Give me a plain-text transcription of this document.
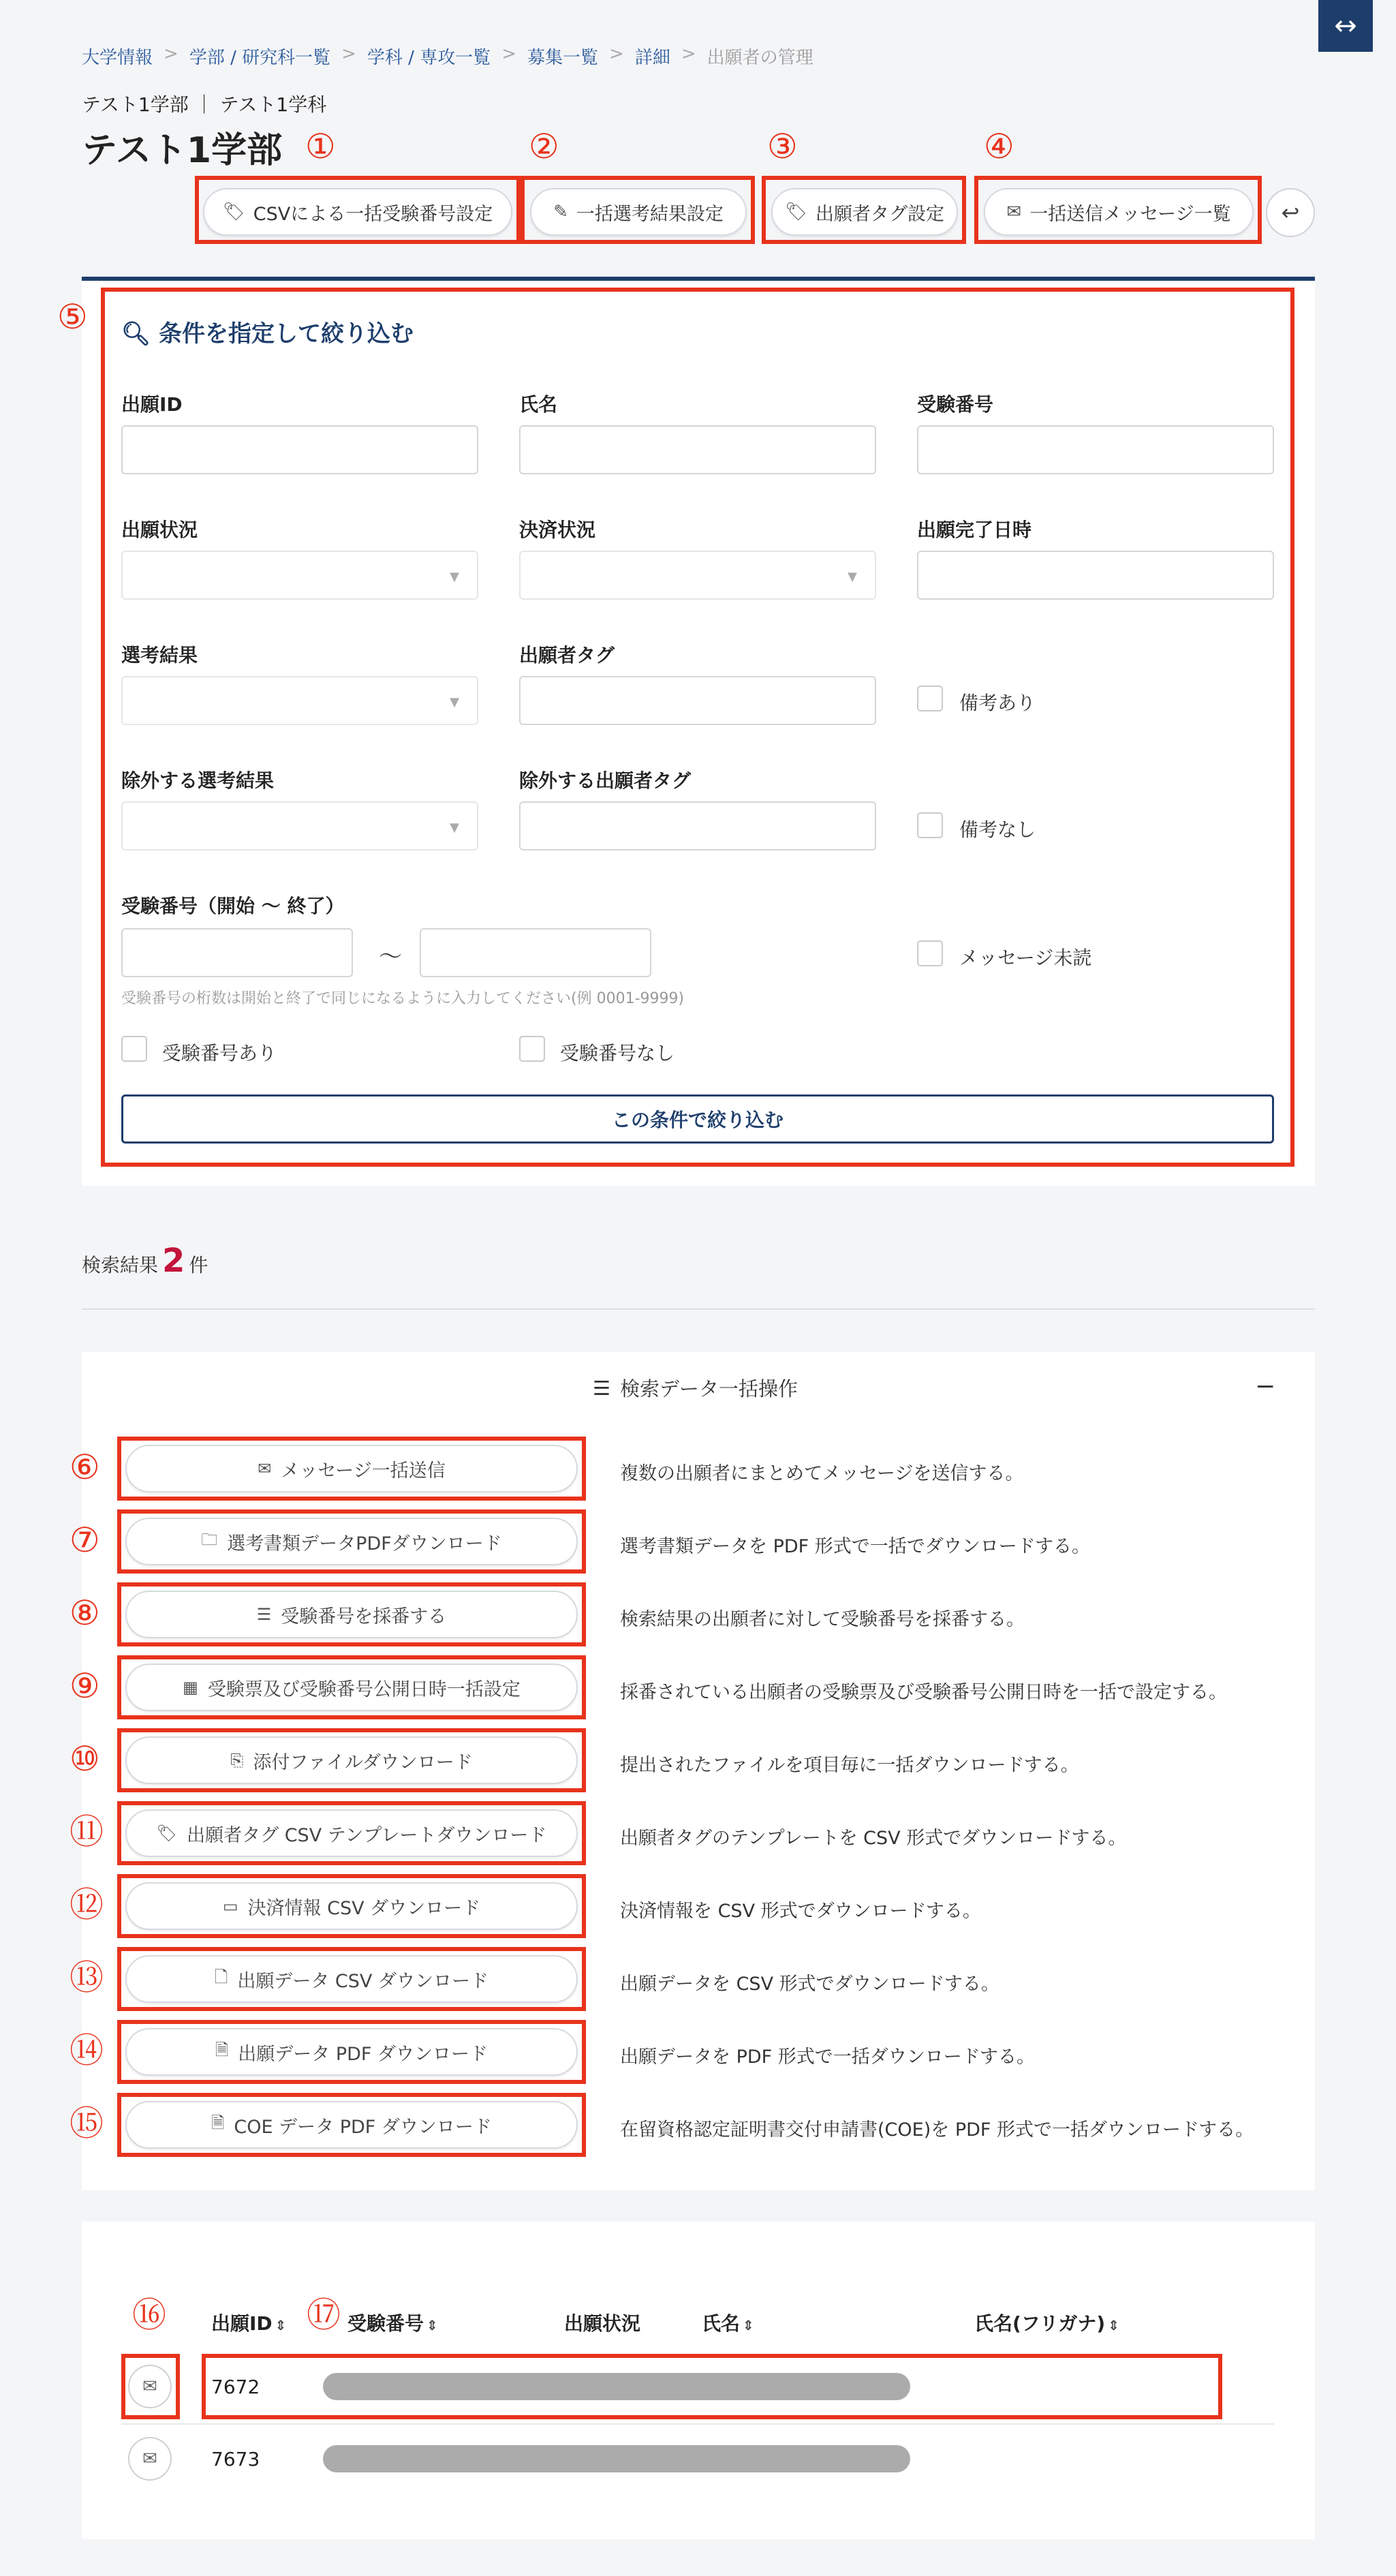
↔
大学情報 > 学部 / 研究科一覧 > 学科 / 専攻一覧 > 募集一覧 > 詳細 > 出願者の管理
テスト1学部 ｜ テスト1学科
テスト1学部 ①	②	③	④
🏷 CSVによる一括受験番号設定	✎ 一括選考結果設定	🏷 出願者タグ設定	✉ 一括送信メッセージ一覧 ↩
⑤ 🔍︎ 条件を指定して絞り込む
出願ID	氏名	受験番号
出願状況
▼
決済状況
▼
出願完了日時
選考結果
▼
出願者タグ
備考あり
除外する選考結果
▼
除外する出願者タグ
備考なし
受験番号（開始 〜 終了）
〜	メッセージ未読
受験番号の桁数は開始と終了で同じになるように入力してください(例 0001-9999)
受験番号あり	受験番号なし
この条件で絞り込む
検索結果 2 件
☰ 検索データ一括操作	−
✉ メッセージ一括送信
⑥	複数の出願者にまとめてメッセージを送信する。
🗀 選考書類データPDFダウンロード
⑦	選考書類データを PDF 形式で一括でダウンロードする。
☰ 受験番号を採番する
⑧	検索結果の出願者に対して受験番号を採番する。
▦ 受験票及び受験番号公開日時一括設定
⑨	採番されている出願者の受験票及び受験番号公開日時を一括で設定する。
⎘ 添付ファイルダウンロード
⑩	提出されたファイルを項目毎に一括ダウンロードする。
🏷 出願者タグ CSV テンプレートダウンロード
⑪	出願者タグのテンプレートを CSV 形式でダウンロードする。
▭ 決済情報 CSV ダウンロード
⑫	決済情報を CSV 形式でダウンロードする。
🗋 出願データ CSV ダウンロード
⑬	出願データを CSV 形式でダウンロードする。
🗎 出願データ PDF ダウンロード
⑭	出願データを PDF 形式で一括ダウンロードする。
🗎 COE データ PDF ダウンロード
⑮	在留資格認定証明書交付申請書(COE)を PDF 形式で一括ダウンロードする。
⑯	⑰
出願ID ⇕	受験番号 ⇕	出願状況	氏名 ⇕	氏名(フリガナ) ⇕
✉	7672
✉	7673
